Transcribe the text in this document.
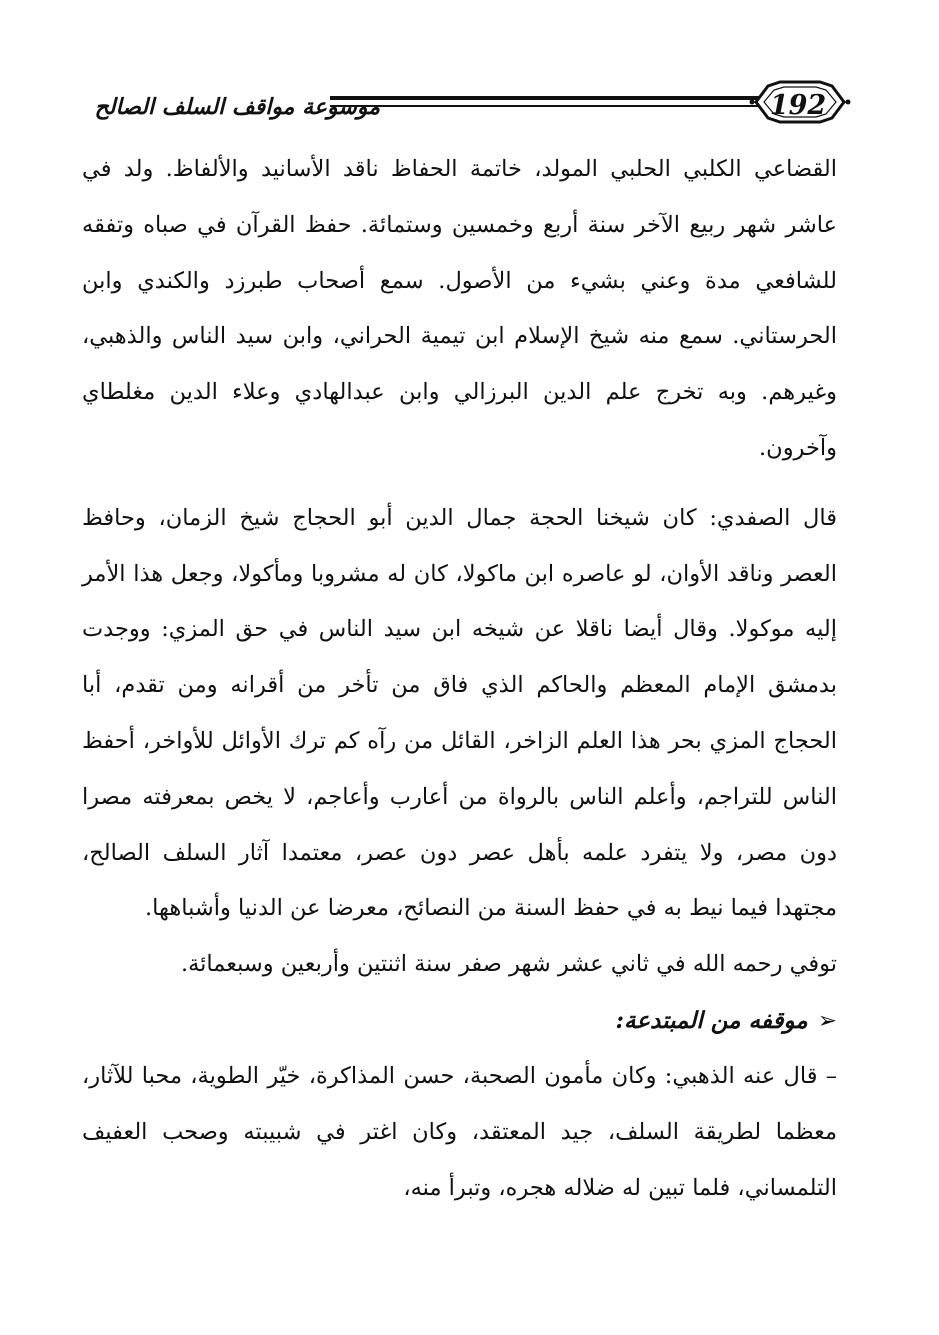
192
موسوعة مواقف السلف الصالح

القضاعي الكلبي الحلبي المولد، خاتمة الحفاظ ناقد الأسانيد والألفاظ. ولد في عاشر شهر ربيع الآخر سنة أربع وخمسين وستمائة. حفظ القرآن في صباه وتفقه للشافعي مدة وعني بشيء من الأصول. سمع أصحاب طبرزد والكندي وابن الحرستاني. سمع منه شيخ الإسلام ابن تيمية الحراني، وابن سيد الناس والذهبي، وغيرهم. وبه تخرج علم الدين البرزالي وابن عبدالهادي وعلاء الدين مغلطاي وآخرون.

قال الصفدي: كان شيخنا الحجة جمال الدين أبو الحجاج شيخ الزمان، وحافظ العصر وناقد الأوان، لو عاصره ابن ماكولا، كان له مشروبا ومأكولا، وجعل هذا الأمر إليه موكولا. وقال أيضا ناقلا عن شيخه ابن سيد الناس في حق المزي: ووجدت بدمشق الإمام المعظم والحاكم الذي فاق من تأخر من أقرانه ومن تقدم، أبا الحجاج المزي بحر هذا العلم الزاخر، القائل من رآه كم ترك الأوائل للأواخر، أحفظ الناس للتراجم، وأعلم الناس بالرواة من أعارب وأعاجم، لا يخص بمعرفته مصرا دون مصر، ولا يتفرد علمه بأهل عصر دون عصر، معتمدا آثار السلف الصالح، مجتهدا فيما نيط به في حفظ السنة من النصائح، معرضا عن الدنيا وأشباهها.

توفي رحمه الله في ثاني عشر شهر صفر سنة اثنتين وأربعين وسبعمائة.

➢موقفه من المبتدعة:

– قال عنه الذهبي: وكان مأمون الصحبة، حسن المذاكرة، خيّر الطوية، محبا للآثار، معظما لطريقة السلف، جيد المعتقد، وكان اغتر في شبيبته وصحب العفيف التلمساني، فلما تبين له ضلاله هجره، وتبرأ منه،
